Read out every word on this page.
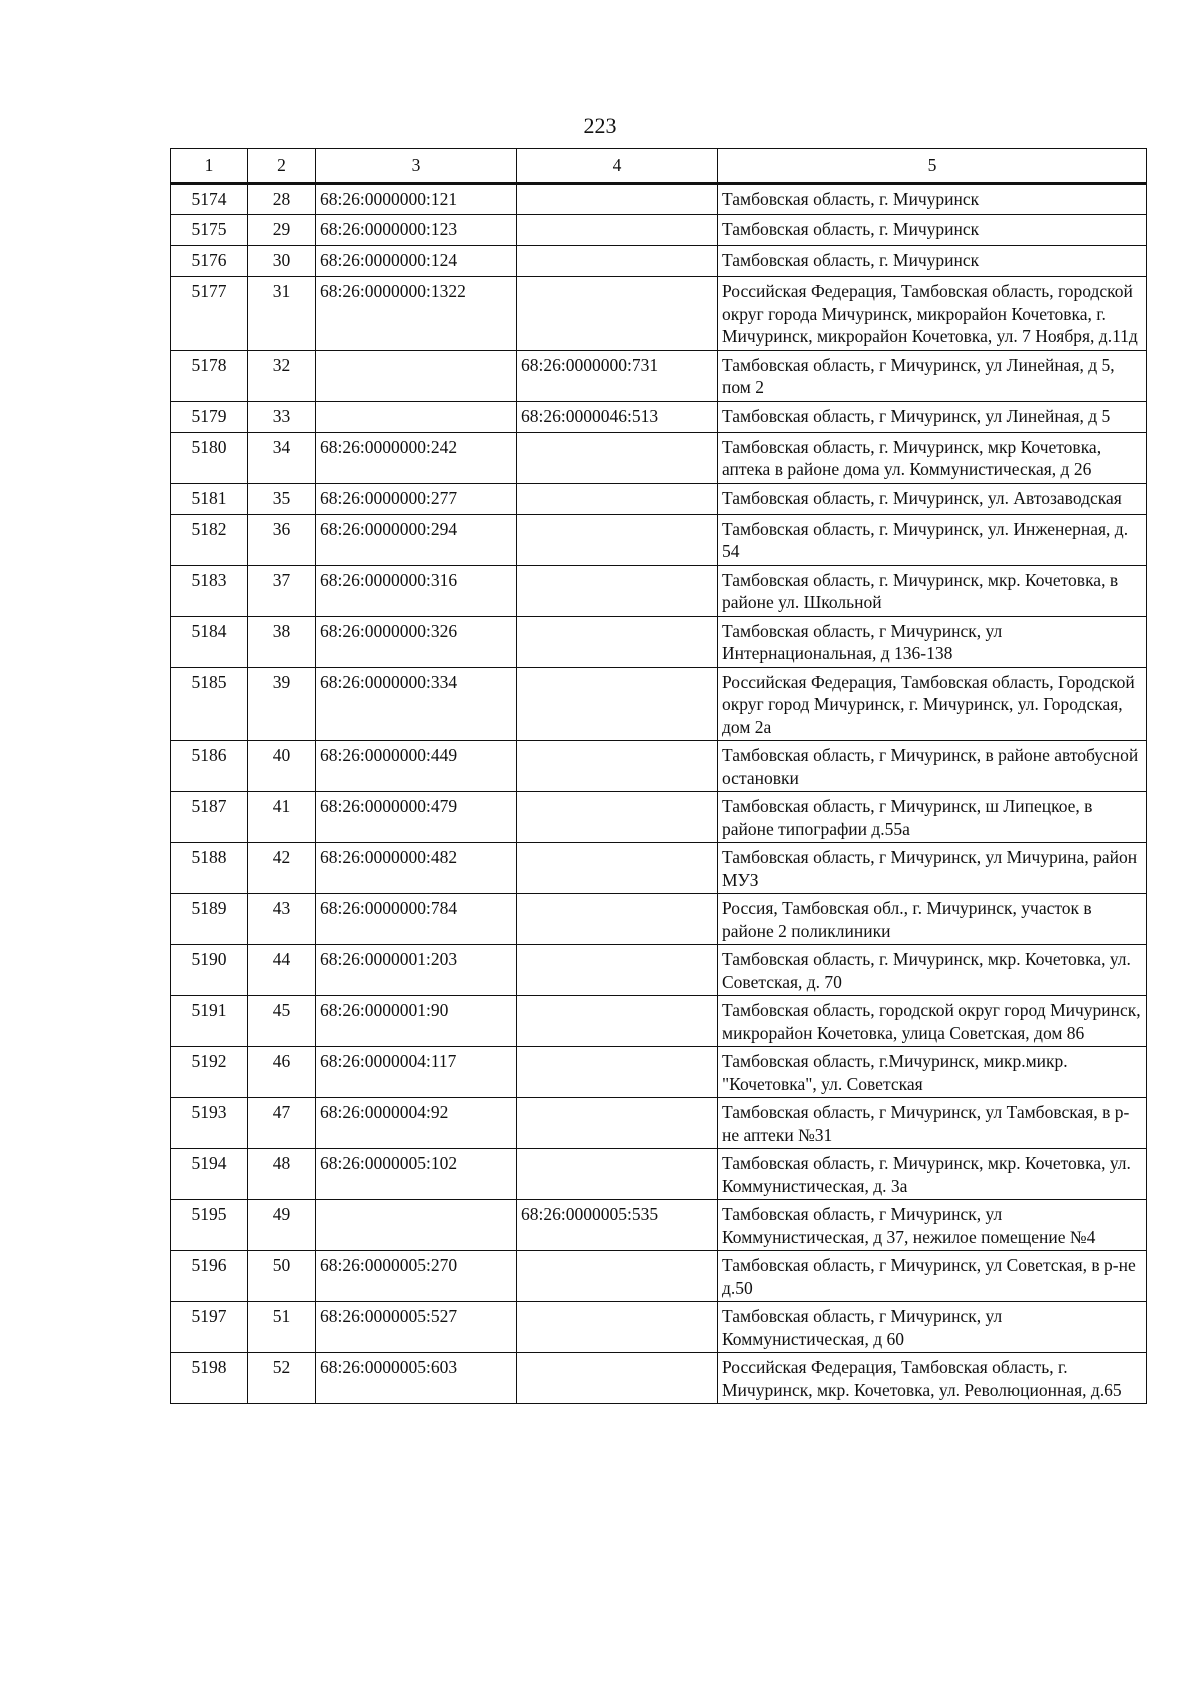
223
1	2	3	4	5
5174	28	68:26:0000000:121		Тамбовская область, г. Мичуринск
5175	29	68:26:0000000:123		Тамбовская область, г. Мичуринск
5176	30	68:26:0000000:124		Тамбовская область, г. Мичуринск
5177	31	68:26:0000000:1322		Российская Федерация, Тамбовская область, городской округ города Мичуринск, микрорайон Кочетовка, г. Мичуринск, микрорайон Кочетовка, ул. 7 Ноября, д.11д
5178	32		68:26:0000000:731	Тамбовская область, г Мичуринск, ул Линейная, д 5, пом 2
5179	33		68:26:0000046:513	Тамбовская область, г Мичуринск, ул Линейная, д 5
5180	34	68:26:0000000:242		Тамбовская область, г. Мичуринск, мкр Кочетовка, аптека в районе дома ул. Коммунистическая, д 26
5181	35	68:26:0000000:277		Тамбовская область, г. Мичуринск, ул. Автозаводская
5182	36	68:26:0000000:294		Тамбовская область, г. Мичуринск, ул. Инженерная, д. 54
5183	37	68:26:0000000:316		Тамбовская область, г. Мичуринск, мкр. Кочетовка, в районе ул. Школьной
5184	38	68:26:0000000:326		Тамбовская область, г Мичуринск, ул Интернациональная, д 136-138
5185	39	68:26:0000000:334		Российская Федерация, Тамбовская область, Городской округ город Мичуринск, г. Мичуринск, ул. Городская, дом 2а
5186	40	68:26:0000000:449		Тамбовская область, г Мичуринск, в районе автобусной остановки
5187	41	68:26:0000000:479		Тамбовская область, г Мичуринск, ш Липецкое, в районе типографии д.55а
5188	42	68:26:0000000:482		Тамбовская область, г Мичуринск, ул Мичурина, район МУЗ
5189	43	68:26:0000000:784		Россия, Тамбовская обл., г. Мичуринск, участок в районе 2 поликлиники
5190	44	68:26:0000001:203		Тамбовская область, г. Мичуринск, мкр. Кочетовка, ул. Советская, д. 70
5191	45	68:26:0000001:90		Тамбовская область, городской округ город Мичуринск, микрорайон Кочетовка, улица Советская, дом 86
5192	46	68:26:0000004:117		Тамбовская область, г.Мичуринск, микр.микр. "Кочетовка", ул. Советская
5193	47	68:26:0000004:92		Тамбовская область, г Мичуринск, ул Тамбовская, в р-не аптеки №31
5194	48	68:26:0000005:102		Тамбовская область, г. Мичуринск, мкр. Кочетовка, ул. Коммунистическая, д. 3а
5195	49		68:26:0000005:535	Тамбовская область, г Мичуринск, ул Коммунистическая, д 37, нежилое помещение №4
5196	50	68:26:0000005:270		Тамбовская область, г Мичуринск, ул Советская, в р-не д.50
5197	51	68:26:0000005:527		Тамбовская область, г Мичуринск, ул Коммунистическая, д 60
5198	52	68:26:0000005:603		Российская Федерация, Тамбовская область, г. Мичуринск, мкр. Кочетовка, ул. Революционная, д.65
